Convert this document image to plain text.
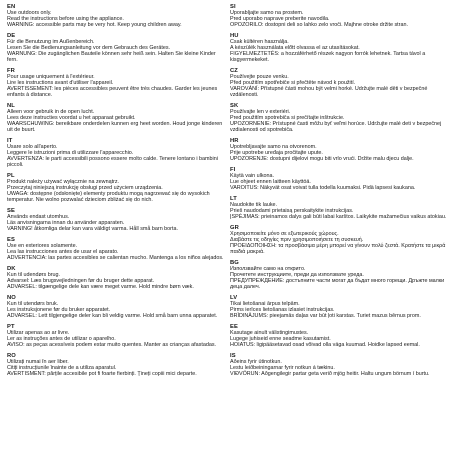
EN
Use outdoors only.
Read the instructions before using the appliance.
WARNING: accessible parts may be very hot. Keep young children away.
DE
Für die Benutzung im Außenbereich.
Lesen Sie die Bedienungsanleitung vor dem Gebrauch des Gerätes.
WARNUNG: Die zugänglichen Bauteile können sehr heiß sein. Halten Sie kleine Kinder fern.
FR
Pour usage uniquement à l'extérieur.
Lire les instructions avant d'utiliser l'appareil.
AVERTISSEMENT: les pièces accessibles peuvent être très chaudes. Garder les jeunes enfants à distance.
NL
Alleen voor gebruik in de open lucht.
Lees deze instructies voordat u het apparaat gebruikt.
WAARSCHUWING: bereikbare onderdelen kunnen erg heet worden. Houd jonge kinderen uit de buurt.
IT
Usare solo all'aperto.
Leggere le istruzioni prima di utilizzare l'apparecchio.
AVVERTENZA: le parti accessibili possono essere molto calde. Tenere lontano i bambini piccoli.
PL
Produkt należy używać wyłącznie na zewnątrz.
Przeczytaj niniejszą instrukcję obsługi przed użyciem urządzenia.
UWAGA: dostępne (odsłonięte) elementy produktu mogą nagrzewać się do wysokich temperatur. Nie wolno pozwalać dzieciom zbliżać się do nich.
SE
Används endast utomhus.
Läs anvisningarna innan du använder apparaten.
VARNING! åtkomliga delar kan vara väldigt varma. Håll små barn borta.
ES
Use en exteriores solamente.
Lea las instrucciones antes de usar el aparato.
ADVERTENCIA: las partes accesibles se calientan mucho. Mantenga a los niños alejados.
DK
Kun til udendørs brug.
Advarsel: Læs brugsvejledningen før du bruger dette apparat.
ADVARSEL: tilgængelige dele kan være meget varme. Hold mindre børn væk.
NO
Kun til utendørs bruk.
Les instruksjonene før du bruker apparatet.
ADVARSEL: Lett tilgjengelige deler kan bli veldig varme. Hold små barn unna apparatet.
PT
Utilizar apenas ao ar livre.
Ler as instruções antes de utilizar o aparelho.
AVISO: as peças acessíveis podem estar muito quentes. Manter as crianças afastadas.
RO
Utilizați numai în aer liber.
Citiți instrucțiunile înainte de a utiliza aparatul.
AVERTISMENT: părțile accesibile pot fi foarte fierbinți. Țineți copiii mici departe.
SI
Uporabljajte samo na prostem.
Pred uporabo naprave preberite navodila.
OPOZORILO: dostopni deli so lahko zelo vroči. Majhne otroke držite stran.
HU
Csak kültéren használja.
A készülék használata előtt olvassa el az utasításokat.
FIGYELMEZTETÉS: a hozzáférhető részek nagyon forrók lehetnek. Tartsa távol a kisgyermekeket.
CZ
Používejte pouze venku.
Před použitím spotřebiče si přečtěte návod k použití.
VAROVÁNÍ: Přístupné části mohou být velmi horké. Udržujte malé děti v bezpečné vzdálenosti.
SK
Používajte len v exteriéri.
Pred použitím spotrebiča si prečítajte inštrukcie.
UPOZORNENIE: Prístupné časti môžu byť veľmi horúce. Udržujte malé deti v bezpečnej vzdialenosti od spotrebiča.
HR
Upotrebljavajte samo na otvorenom.
Prije upotrebe uređaja pročitajte upute.
UPOZORENJE: dostupni dijelovi mogu biti vrlo vrući. Držite malu djecu dalje.
FI
Käytä vain ulkona.
Lue ohjeet ennen laitteen käyttöä.
VAROITUS: Näkyvät osat voivat tulla todella kuumaksi. Pidä lapsesi kaukana.
LT
Naudokite tik lauke.
Prieš naudodami prietaisą perskaitykite instrukcijas.
ĮSPĖJIMAS: prieinamos dalys gali būti labai karštos. Laikykite mažamečius vaikus atokiau.
GR
Χρησιμοποιείτε μόνο σε εξωτερικούς χώρους.
Διαβάστε τις οδηγίες πριν χρησιμοποιήσετε τη συσκευή.
ΠΡΟΕΙΔΟΠΟΙΗΣΗ: τα προσβάσιμα μέρη μπορεί να γίνουν πολύ ζεστά. Κρατήστε τα μικρά παιδιά μακριά.
BG
Използвайте само на открито.
Прочетете инструкциите, преди да използвате уреда.
ПРЕДУПРЕЖДЕНИЕ: достъпните части могат да бъдат много горещи. Дръжте малки деца далеч.
LV
Tikai lietošanai ārpus telpām.
Pirms ierīces lietošanas izlasiet instrukcijas.
BRĪDINĀJUMS: pieejamās daļas var būt ļoti karstas. Turiet mazus bērnus prom.
EE
Kasutage ainult välistingimustes.
Lugege juhiseid enne seadme kasutamist.
HOIATUS: ligipääsetavad osad võivad olla väga kuumad. Hoidke lapsed eemal.
IS
Aðeins fyrir útinotkun.
Lestu leiðbeiningarnar fyrir notkun á tækinu.
VIÐVÖRUN: Aðgengilegir partar geta verið mjög heitir. Haltu ungum börnum í burtu.
